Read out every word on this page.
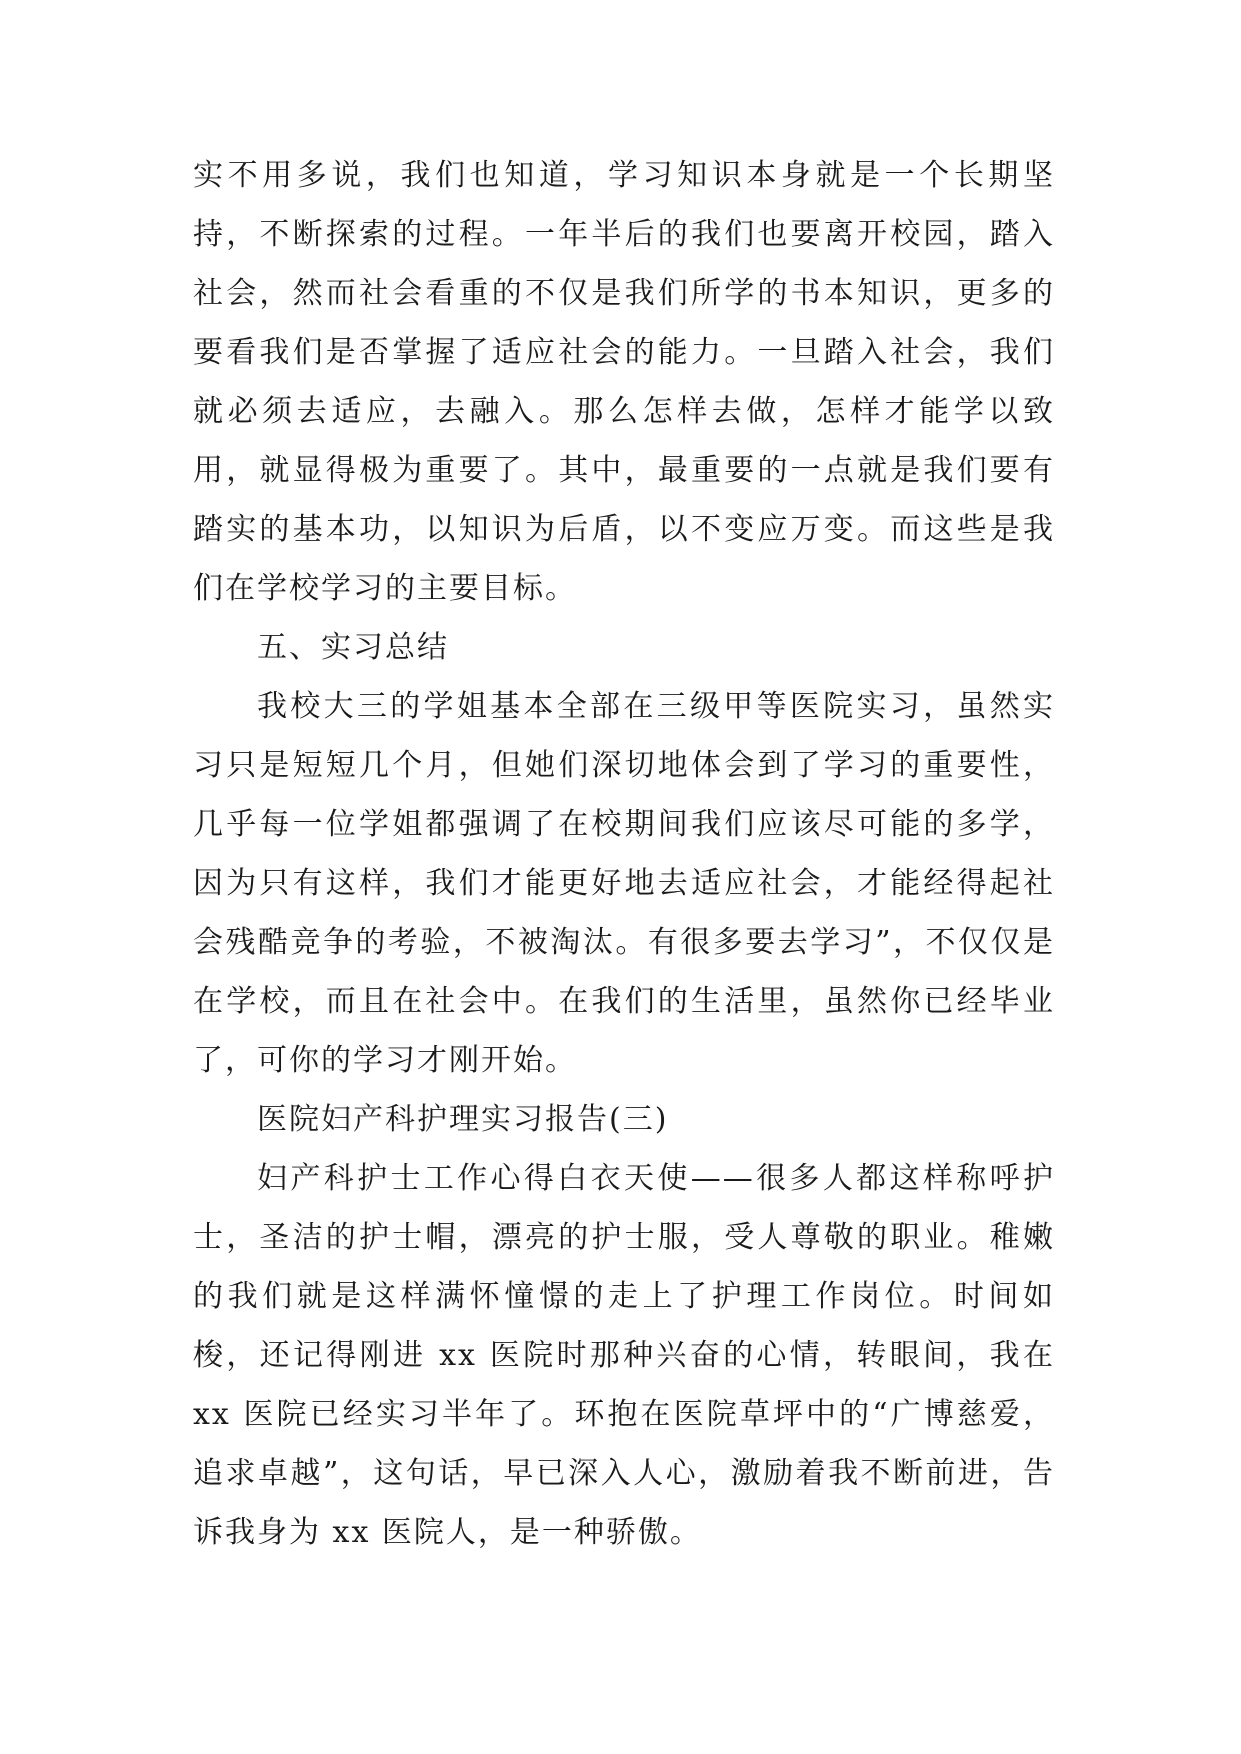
实不用多说，我们也知道，学习知识本身就是一个长期坚持，不断探索的过程。一年半后的我们也要离开校园，踏入社会，然而社会看重的不仅是我们所学的书本知识，更多的要看我们是否掌握了适应社会的能力。一旦踏入社会，我们就必须去适应，去融入。那么怎样去做，怎样才能学以致用，就显得极为重要了。其中，最重要的一点就是我们要有踏实的基本功，以知识为后盾，以不变应万变。而这些是我们在学校学习的主要目标。

五、实习总结

我校大三的学姐基本全部在三级甲等医院实习，虽然实习只是短短几个月，但她们深切地体会到了学习的重要性，几乎每一位学姐都强调了在校期间我们应该尽可能的多学，因为只有这样，我们才能更好地去适应社会，才能经得起社会残酷竞争的考验，不被淘汰。有很多要去学习”，不仅仅是在学校，而且在社会中。在我们的生活里，虽然你已经毕业了，可你的学习才刚开始。

医院妇产科护理实习报告(三)

妇产科护士工作心得白衣天使——很多人都这样称呼护士，圣洁的护士帽，漂亮的护士服，受人尊敬的职业。稚嫩的我们就是这样满怀憧憬的走上了护理工作岗位。时间如梭，还记得刚进 xx 医院时那种兴奋的心情，转眼间，我在 xx 医院已经实习半年了。环抱在医院草坪中的“广博慈爱，追求卓越”，这句话，早已深入人心，激励着我不断前进，告诉我身为 xx 医院人，是一种骄傲。
